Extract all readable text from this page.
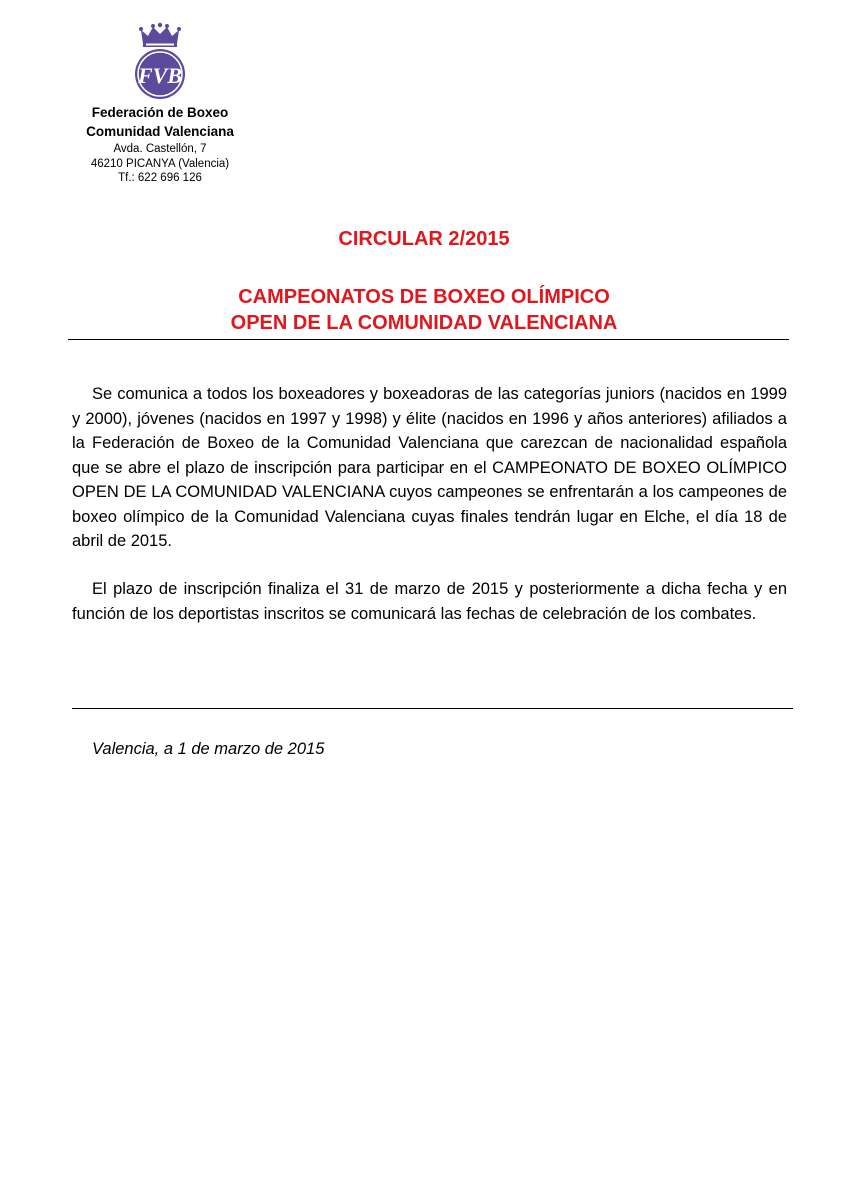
FVB

Federación de Boxeo

Comunidad Valenciana

Avda. Castellón, 7

46210 PICANYA (Valencia)

Tf.: 622 696 126

CIRCULAR 2/2015
CAMPEONATOS DE BOXEO OLÍMPICO
OPEN DE LA COMUNIDAD VALENCIANA

Se comunica a todos los boxeadores y boxeadoras de las categorías juniors (nacidos en 1999 y 2000), jóvenes (nacidos en 1997 y 1998) y élite (nacidos en 1996 y años anteriores) afiliados a la Federación de Boxeo de la Comunidad Valenciana que carezcan de nacionalidad española que se abre el plazo de inscripción para participar en el CAMPEONATO DE BOXEO OLÍMPICO OPEN DE LA COMUNIDAD VALENCIANA cuyos campeones se enfrentarán a los campeones de boxeo olímpico de la Comunidad Valenciana cuyas finales tendrán lugar en Elche, el día 18 de abril de 2015.

El plazo de inscripción finaliza el 31 de marzo de 2015 y posteriormente a dicha fecha y en función de los deportistas inscritos se comunicará las fechas de celebración de los combates.

Valencia, a 1 de marzo de 2015
